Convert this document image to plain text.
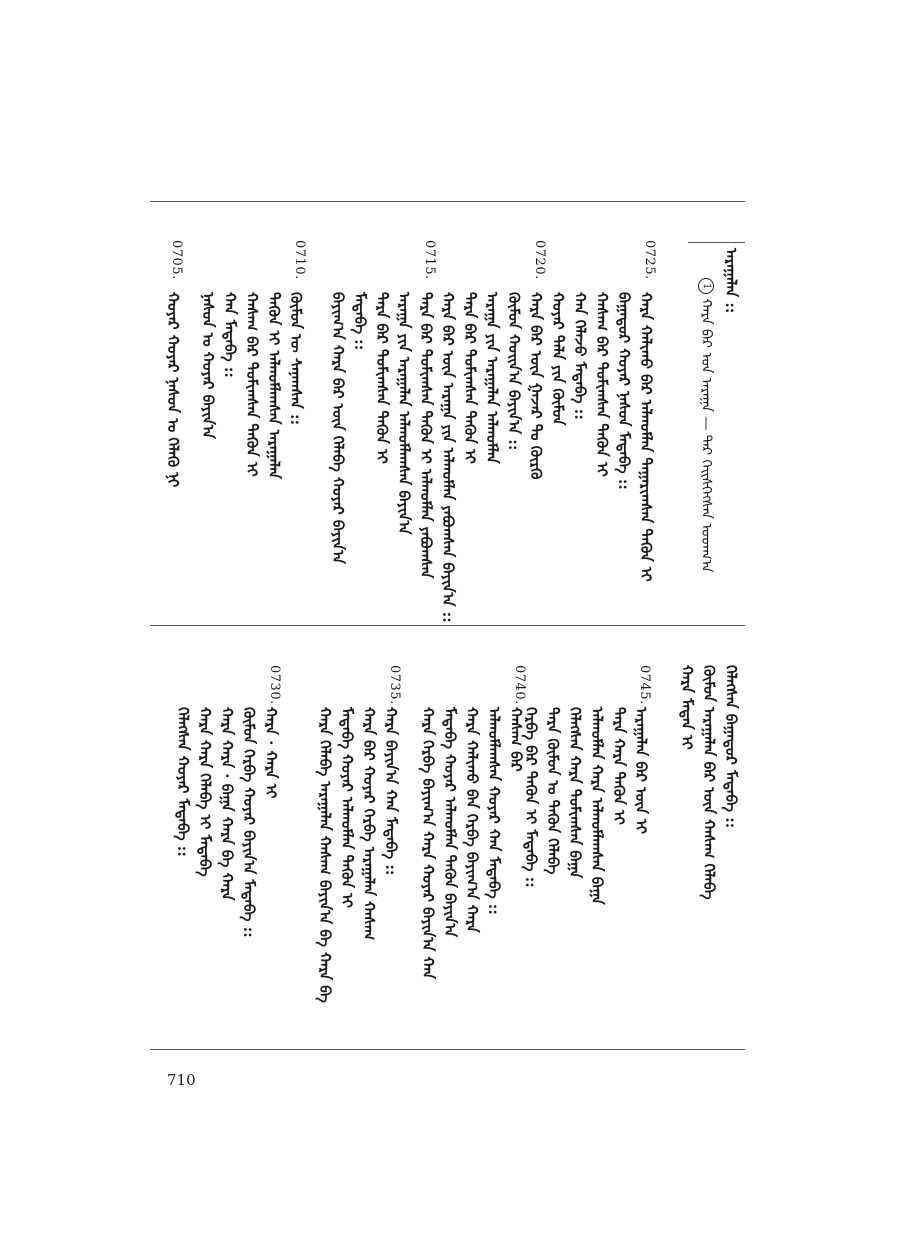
ᠠᠷᠠᠭᠠᠯᠠᠨ ::
1 ᠬᠠᠷᠠ ᠪᠡᠷ ᠤᠨ ᠠᠷᠠᠭᠠ — ᠳᠡᠷ ᠬᠡᠢᠰᠬᠡᠭᠰᠡᠨ ᠤᠳᠬ᠎ᠠ
0725.
ᠬᠠᠷᠠ ᠬᠠᠯᠢᠬᠤ ᠪᠡᠷ ᠠᠯᠬᠤᠮᠯᠠᠨ ᠳᠠᠭᠠᠷᠢᠭᠰᠠᠨ ᠲᠡᠭᠦᠨ ᠢ
ᠪᠠᠭᠠᠲᠤᠷ ᠬᠤᠶᠠᠷ ᠨᠠᠰᠤᠨ ᠮᠡᠳᠡᠪᠡ ::
ᠬᠠᠰᠠᠭ ᠪᠡᠷ ᠲᠤᠮᠢᠭᠰᠠᠨ ᠲᠡᠭᠦᠨ ᠢ
ᠬᠠᠨ ᠬᠡᠯᠡᠵᠦ ᠮᠡᠳᠡᠪᠡ ::
ᠬᠤᠶᠠᠷ ᠲᠠᠯᠠ ᠶᠢᠨ ᠬᠦᠮᠦᠨ
0720.
ᠬᠠᠷᠠ ᠪᠡᠷ ᠦᠨ ᠭᠠᠵᠠᠷ ᠲᠤ ᠬᠦᠷᠬᠦ
ᠬᠦᠮᠦᠨ ᠬᠤᠢᠨ᠎ᠠ ᠪᠠᠶᠢᠨ᠎ᠠ ::
ᠠᠷᠠᠭᠠ ᠶᠢᠨ ᠠᠷᠠᠭᠠᠯᠠᠨ ᠠᠯᠬᠤᠮᠯᠠᠨ
ᠲᠡᠷᠡ ᠪᠡᠷ ᠲᠤᠮᠢᠭᠰᠠᠨ ᠲᠡᠭᠦᠨ ᠢ
ᠬᠠᠷᠠ ᠪᠡᠷ ᠦᠨ ᠠᠷᠠᠭᠠ ᠶᠢᠨ ᠠᠯᠬᠤᠮᠯᠠᠨ ᠶᠠᠪᠤᠭᠰᠠᠨ ᠪᠠᠶᠢᠨ᠎ᠠ ::
0715.
ᠲᠡᠷᠡ ᠪᠡᠷ ᠲᠤᠮᠢᠭᠰᠠᠨ ᠲᠡᠭᠦᠨ ᠢ ᠠᠯᠬᠤᠮᠯᠠᠨ ᠶᠠᠪᠤᠭᠰᠠᠨ
ᠠᠷᠠᠭᠠ ᠶᠢᠨ ᠠᠷᠠᠭᠠᠯᠠᠨ ᠠᠯᠬᠤᠮᠯᠠᠭᠰᠠᠨ ᠪᠠᠶᠢᠨ᠎ᠠ
ᠲᠡᠷᠡ ᠪᠡᠷ ᠲᠤᠮᠢᠭᠰᠠᠨ ᠲᠡᠭᠦᠨ ᠢ
ᠮᠡᠳᠡᠪᠡ ::
ᠪᠠᠶᠢᠭ᠎ᠠ ᠬᠠᠷᠠ ᠪᠡᠷ ᠦᠨ ᠬᠡᠯᠡᠪᠡ ᠬᠤᠶᠠᠷ ᠪᠠᠶᠢᠨ᠎ᠠ
0710.
ᠬᠦᠮᠦᠨ ᠦ ᠰᠠᠨᠠᠭᠰᠠᠨ ::
ᠲᠡᠭᠦᠨ ᠢ ᠠᠯᠬᠤᠮᠯᠠᠭᠰᠠᠨ ᠠᠷᠠᠭᠠᠯᠠᠨ
ᠬᠠᠰᠠᠭ ᠪᠡᠷ ᠲᠤᠮᠢᠭᠰᠠᠨ ᠲᠡᠭᠦᠨ ᠢ
ᠬᠠᠨ ᠮᠡᠳᠡᠪᠡ ::
ᠨᠠᠰᠤᠨ ᠤ ᠬᠤᠶᠠᠷ ᠪᠠᠶᠢᠨ᠎ᠠ
0705.
ᠬᠤᠶᠠᠷ ᠬᠤᠶᠠᠷ ᠨᠠᠰᠤᠨ ᠤ ᠬᠡᠯᠡᠬᠦ ᠨᠢ
ᠬᠡᠯᠡᠭᠰᠡᠨ ᠪᠠᠭᠠᠲᠤᠷ ᠮᠡᠳᠡᠪᠡ ::
ᠬᠦᠮᠦᠨ ᠠᠷᠠᠭᠠᠯᠠᠨ ᠪᠡᠷ ᠦᠨ ᠬᠠᠰᠠᠭ ᠬᠡᠯᠡᠪᠡ
ᠬᠠᠷᠠ ᠮᠡᠳᠡᠨ ᠢ
0745.
ᠠᠷᠠᠭᠠᠯᠠᠨ ᠪᠡᠷ ᠦᠨ ᠢ
ᠲᠡᠷᠡ ᠬᠠᠷᠠ ᠲᠡᠭᠦᠨ ᠢ
ᠠᠯᠬᠤᠮᠯᠠᠨ ᠬᠠᠷᠠ ᠠᠯᠬᠤᠮᠯᠠᠭᠰᠠᠨ ᠪᠠᠭᠠ
ᠬᠡᠯᠡᠭᠰᠡᠨ ᠬᠠᠷᠠ ᠲᠤᠮᠢᠭᠰᠠᠨ ᠪᠠᠭᠠ
ᠲᠡᠷᠡ ᠬᠦᠮᠦᠨ ᠤ ᠲᠡᠭᠦᠨ ᠬᠡᠯᠡᠪᠡ
ᠬᠡᠷᠪᠡ ᠪᠡᠷ ᠲᠡᠭᠦᠨ ᠢ ᠮᠡᠳᠡᠪᠡ ::
0740.
ᠬᠠᠰᠠᠭ ᠪᠡᠷ
ᠠᠯᠬᠤᠮᠯᠠᠭᠰᠠᠨ ᠬᠤᠶᠠᠷ ᠬᠠᠨ ᠮᠡᠳᠡᠪᠡ ::
ᠬᠠᠷᠠ ᠬᠠᠯᠢᠬᠤ ᠪᠠᠨ ᠬᠡᠷᠪᠡ ᠪᠠᠶᠢᠭ᠎ᠠ ᠬᠠᠷᠠ
ᠮᠡᠳᠡᠪᠡ ᠬᠤᠶᠠᠷ ᠠᠯᠬᠤᠮᠯᠠᠨ ᠲᠡᠭᠦᠨ ᠪᠠᠶᠢᠨ᠎ᠠ
ᠬᠠᠷᠠ ᠬᠡᠷᠪᠡ ᠪᠠᠶᠢᠭ᠎ᠠ ᠬᠠᠷᠠ ᠬᠤᠶᠠᠷ ᠪᠠᠶᠢᠨ᠎ᠠ ᠬᠠᠨ
0735.
ᠬᠠᠷᠠ ᠪᠠᠶᠢᠨ᠎ᠠ ᠬᠠᠨ ᠮᠡᠳᠡᠪᠡ ::
ᠬᠠᠷᠠ ᠪᠡᠷ ᠬᠤᠶᠠᠷ ᠬᠡᠷᠪᠡ ᠠᠷᠠᠭᠠᠯᠠᠨ ᠬᠠᠰᠠᠭ
ᠮᠡᠳᠡᠪᠡ ᠬᠤᠶᠠᠷ ᠠᠯᠬᠤᠮᠯᠠᠨ ᠲᠡᠭᠦᠨ ᠢ
ᠬᠠᠷᠠ ᠬᠡᠯᠡᠪᠡ ᠠᠷᠠᠭᠠᠯᠠᠨ ᠬᠠᠰᠠᠭ ᠪᠠᠶᠢᠨ᠎ᠠ ᠪᠠ ᠬᠠᠷᠠ ᠪᠠ
0730.
ᠬᠠᠷᠠ · ᠬᠠᠷᠠ ᠢ
ᠬᠦᠮᠦᠨ ᠬᠡᠷᠪᠡ ᠬᠤᠶᠠᠷ ᠪᠠᠶᠢᠨ᠎ᠠ ᠮᠡᠳᠡᠪᠡ ::
ᠬᠠᠷᠠ ᠬᠠᠷᠠ · ᠪᠠᠭᠠ ᠬᠠᠷᠠ ᠪᠠ ᠬᠠᠷᠠ
ᠬᠠᠷᠠ ᠬᠠᠷᠠ ᠬᠡᠯᠡᠪᠡ ᠢ ᠮᠡᠳᠡᠪᠡ
ᠬᠡᠯᠡᠭᠰᠡᠨ ᠬᠤᠶᠠᠷ ᠮᠡᠳᠡᠪᠡ ::
710
